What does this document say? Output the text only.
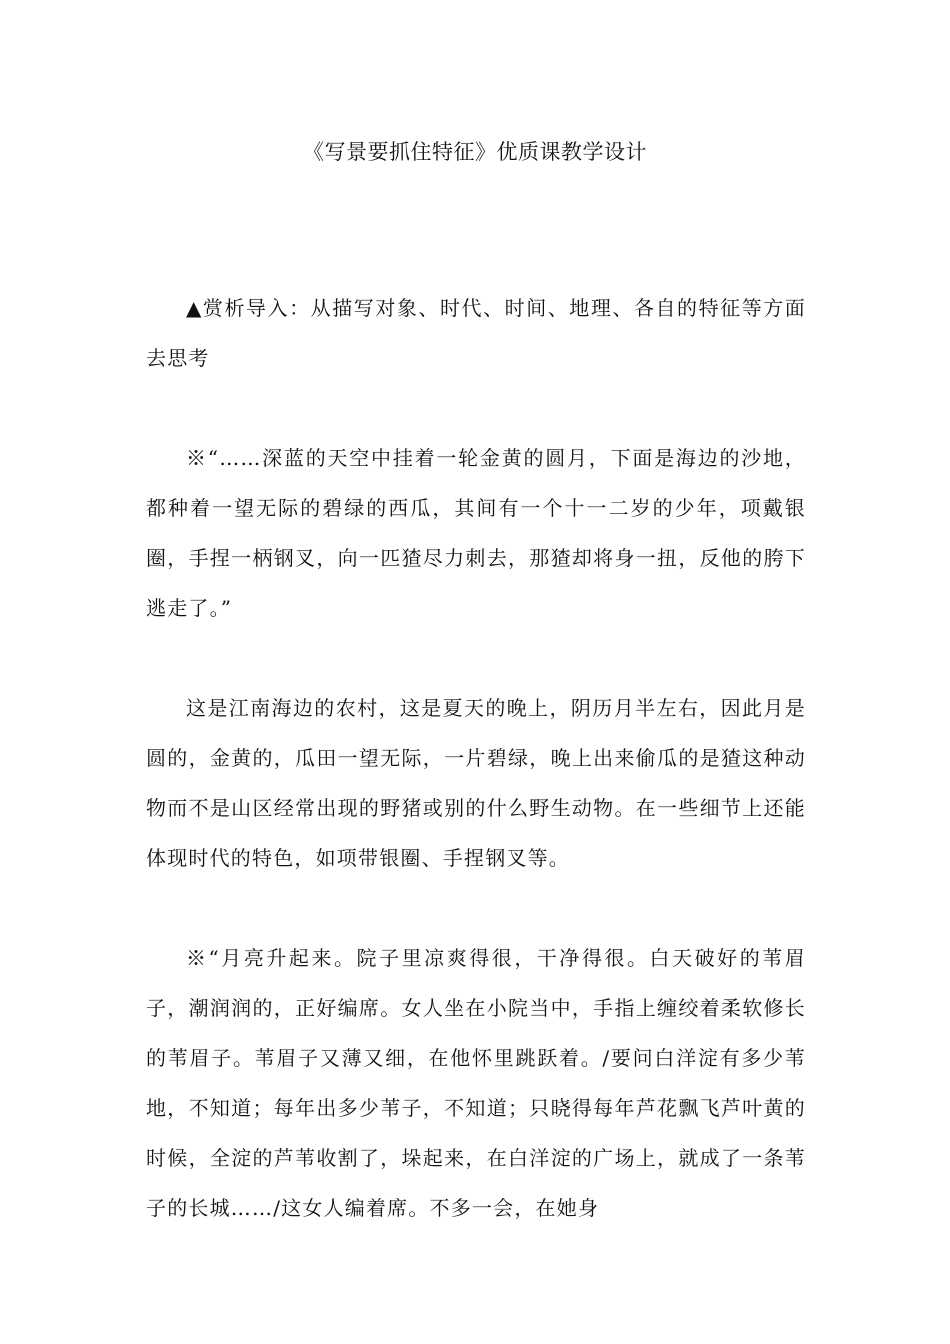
《写景要抓住特征》优质课教学设计

▲赏析导入：从描写对象、时代、时间、地理、各自的特征等方面去思考

※“……深蓝的天空中挂着一轮金黄的圆月，下面是海边的沙地，都种着一望无际的碧绿的西瓜，其间有一个十一二岁的少年，项戴银圈，手捏一柄钢叉，向一匹猹尽力刺去，那猹却将身一扭，反他的胯下逃走了。”

这是江南海边的农村，这是夏天的晚上，阴历月半左右，因此月是圆的，金黄的，瓜田一望无际，一片碧绿，晚上出来偷瓜的是猹这种动物而不是山区经常出现的野猪或别的什么野生动物。在一些细节上还能体现时代的特色，如项带银圈、手捏钢叉等。

※“月亮升起来。院子里凉爽得很，干净得很。白天破好的苇眉子，潮润润的，正好编席。女人坐在小院当中，手指上缠绞着柔软修长的苇眉子。苇眉子又薄又细，在他怀里跳跃着。/要问白洋淀有多少苇地，不知道；每年出多少苇子，不知道；只晓得每年芦花飘飞芦叶黄的时候，全淀的芦苇收割了，垛起来，在白洋淀的广场上，就成了一条苇子的长城……/这女人编着席。不多一会，在她身
